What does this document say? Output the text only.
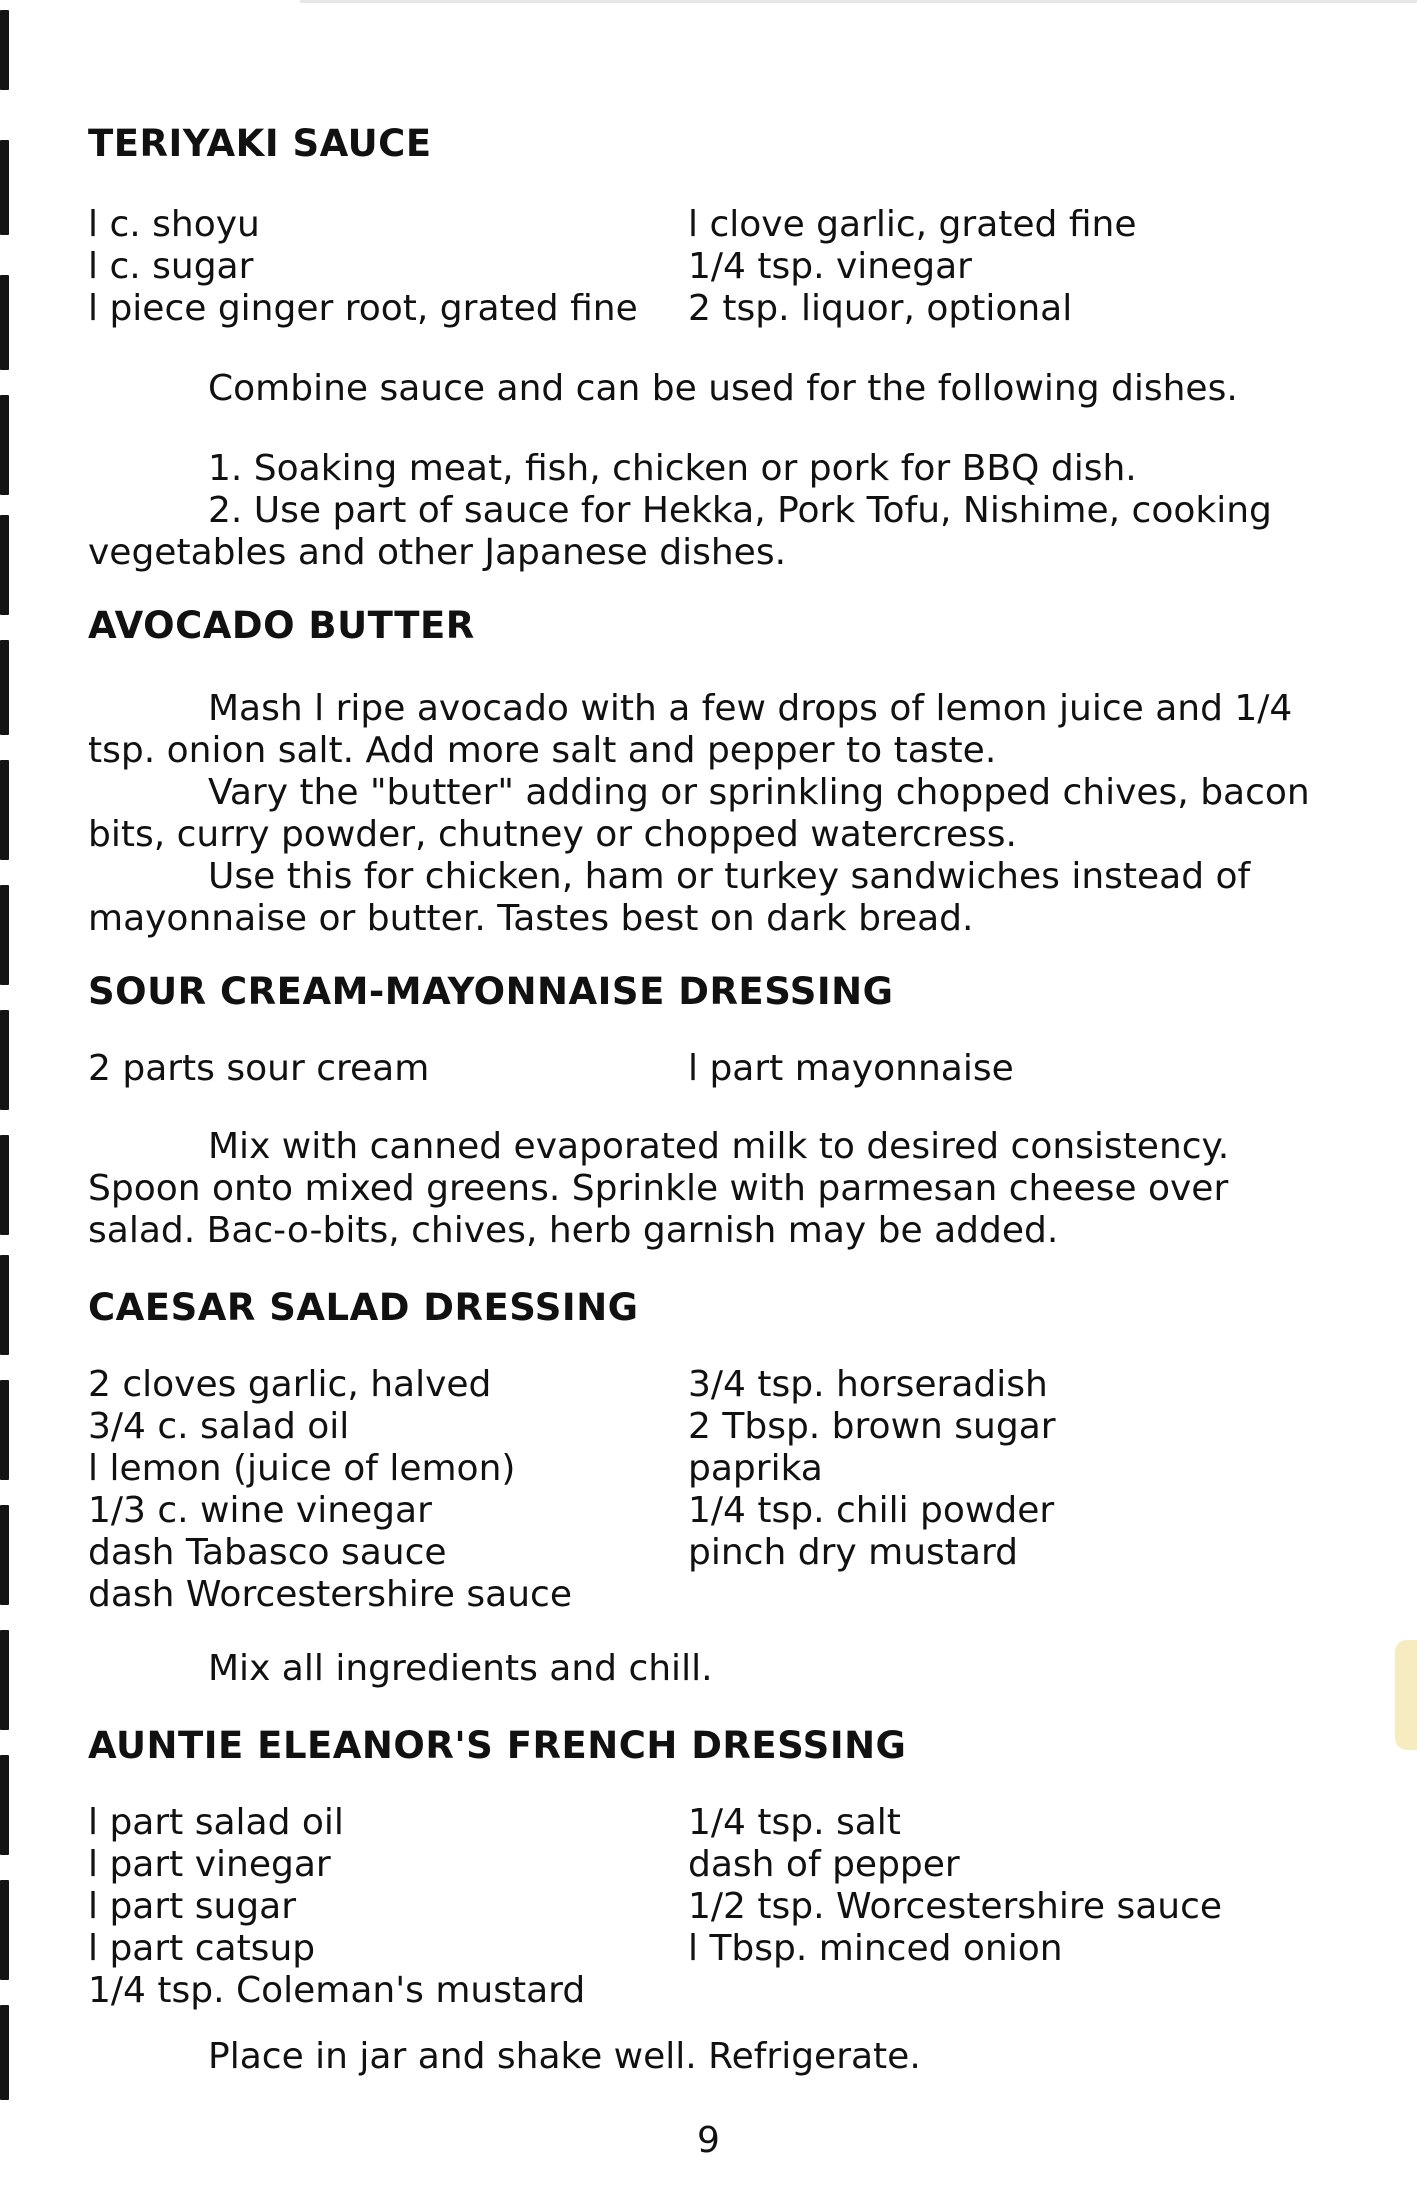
TERIYAKI SAUCE
l c. shoyu
l c. sugar
l piece ginger root, grated fine
l clove garlic, grated fine
1/4 tsp. vinegar
2 tsp. liquor, optional

Combine sauce and can be used for the following dishes.

1. Soaking meat, fish, chicken or pork for BBQ dish.

2. Use part of sauce for Hekka, Pork Tofu, Nishime, cooking vegetables and other Japanese dishes.

AVOCADO BUTTER

Mash l ripe avocado with a few drops of lemon juice and 1/4 tsp. onion salt. Add more salt and pepper to taste.

Vary the "butter" adding or sprinkling chopped chives, bacon bits, curry powder, chutney or chopped watercress.

Use this for chicken, ham or turkey sandwiches instead of mayonnaise or butter. Tastes best on dark bread.

SOUR CREAM-MAYONNAISE DRESSING
2 parts sour cream	l part mayonnaise

Mix with canned evaporated milk to desired consistency. Spoon onto mixed greens. Sprinkle with parmesan cheese over salad. Bac-o-bits, chives, herb garnish may be added.

CAESAR SALAD DRESSING
2 cloves garlic, halved
3/4 c. salad oil
l lemon (juice of lemon)
1/3 c. wine vinegar
dash Tabasco sauce
dash Worcestershire sauce
3/4 tsp. horseradish
2 Tbsp. brown sugar
paprika
1/4 tsp. chili powder
pinch dry mustard

Mix all ingredients and chill.

AUNTIE ELEANOR'S FRENCH DRESSING
l part salad oil
l part vinegar
l part sugar
l part catsup
1/4 tsp. Coleman's mustard
1/4 tsp. salt
dash of pepper
1/2 tsp. Worcestershire sauce
l Tbsp. minced onion

Place in jar and shake well. Refrigerate.

9
